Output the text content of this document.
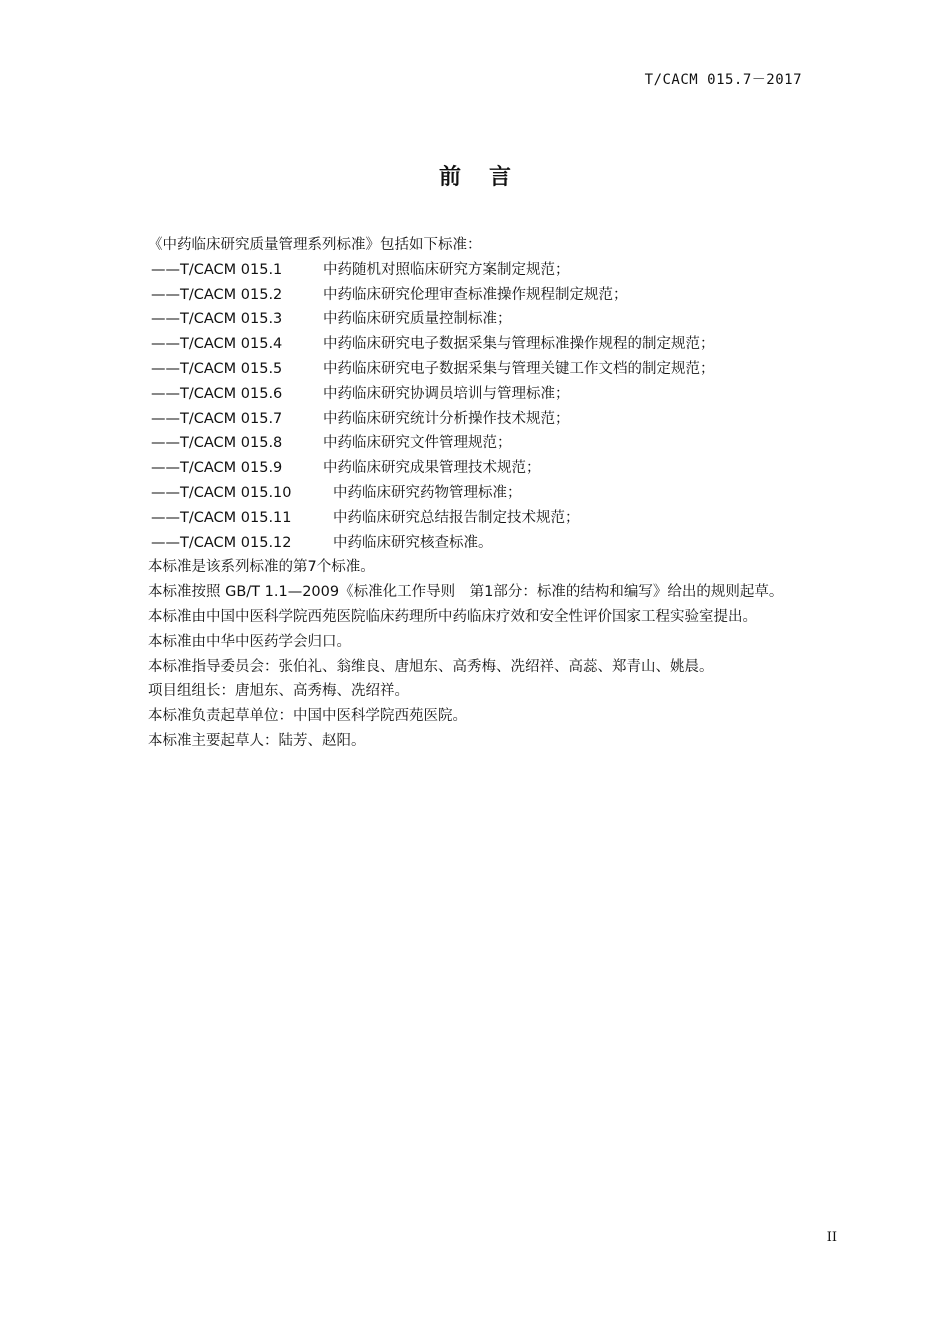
T/CACM 015.7－2017
前言

《中药临床研究质量管理系列标准》包括如下标准：

——T/CACM 015.1	中药随机对照临床研究方案制定规范；

——T/CACM 015.2	中药临床研究伦理审查标准操作规程制定规范；

——T/CACM 015.3	中药临床研究质量控制标准；

——T/CACM 015.4	中药临床研究电子数据采集与管理标准操作规程的制定规范；

——T/CACM 015.5	中药临床研究电子数据采集与管理关键工作文档的制定规范；

——T/CACM 015.6	中药临床研究协调员培训与管理标准；

——T/CACM 015.7	中药临床研究统计分析操作技术规范；

——T/CACM 015.8	中药临床研究文件管理规范；

——T/CACM 015.9	中药临床研究成果管理技术规范；

——T/CACM 015.10	中药临床研究药物管理标准；

——T/CACM 015.11	中药临床研究总结报告制定技术规范；

——T/CACM 015.12	中药临床研究核查标准。

本标准是该系列标准的第7个标准。

本标准按照 GB/T 1.1—2009《标准化工作导则　第1部分：标准的结构和编写》给出的规则起草。

本标准由中国中医科学院西苑医院临床药理所中药临床疗效和安全性评价国家工程实验室提出。

本标准由中华中医药学会归口。

本标准指导委员会：张伯礼、翁维良、唐旭东、高秀梅、冼绍祥、高蕊、郑青山、姚晨。

项目组组长：唐旭东、高秀梅、冼绍祥。

本标准负责起草单位：中国中医科学院西苑医院。

本标准主要起草人：陆芳、赵阳。

II
